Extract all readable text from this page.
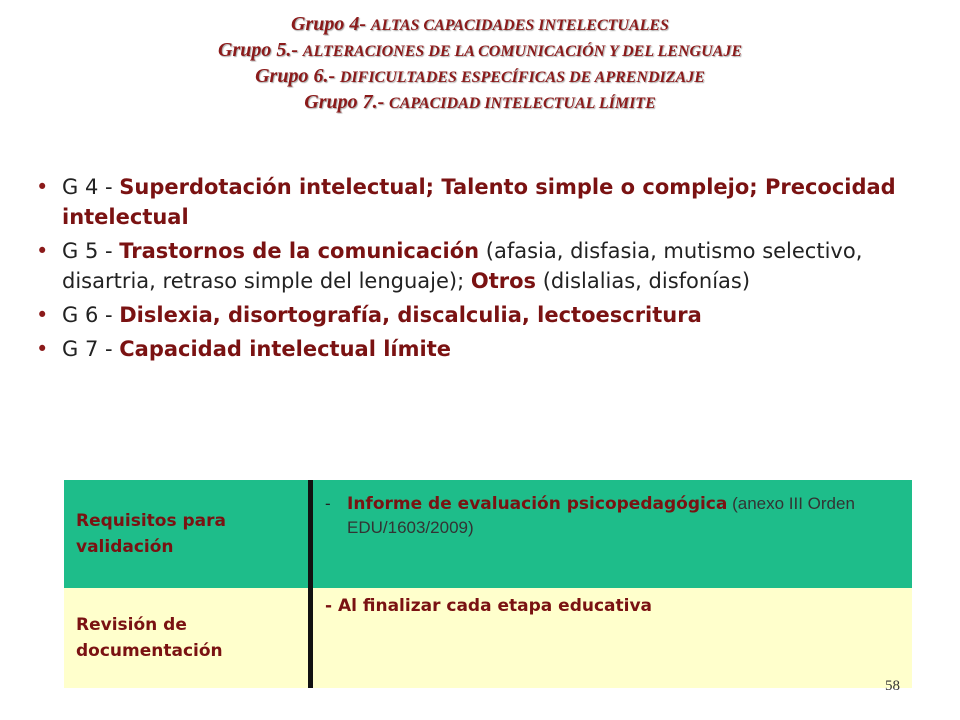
Grupo 4- ALTAS CAPACIDADES INTELECTUALES
Grupo 5.- ALTERACIONES DE LA COMUNICACIÓN Y DEL LENGUAJE
Grupo 6.- DIFICULTADES ESPECÍFICAS DE APRENDIZAJE
Grupo 7.- CAPACIDAD INTELECTUAL LÍMITE
• G 4 - Superdotación intelectual; Talento simple o complejo; Precocidad intelectual
• G 5 - Trastornos de la comunicación (afasia, disfasia, mutismo selectivo, disartria, retraso simple del lenguaje); Otros (dislalias, disfonías)
• G 6 - Dislexia, disortografía, discalculia, lectoescritura
• G 7 - Capacidad intelectual límite
Requisitos para validación	- Informe de evaluación psicopedagógica (anexo III Orden EDU/1603/2009)

Revisión de documentación	- Al finalizar cada etapa educativa
58
